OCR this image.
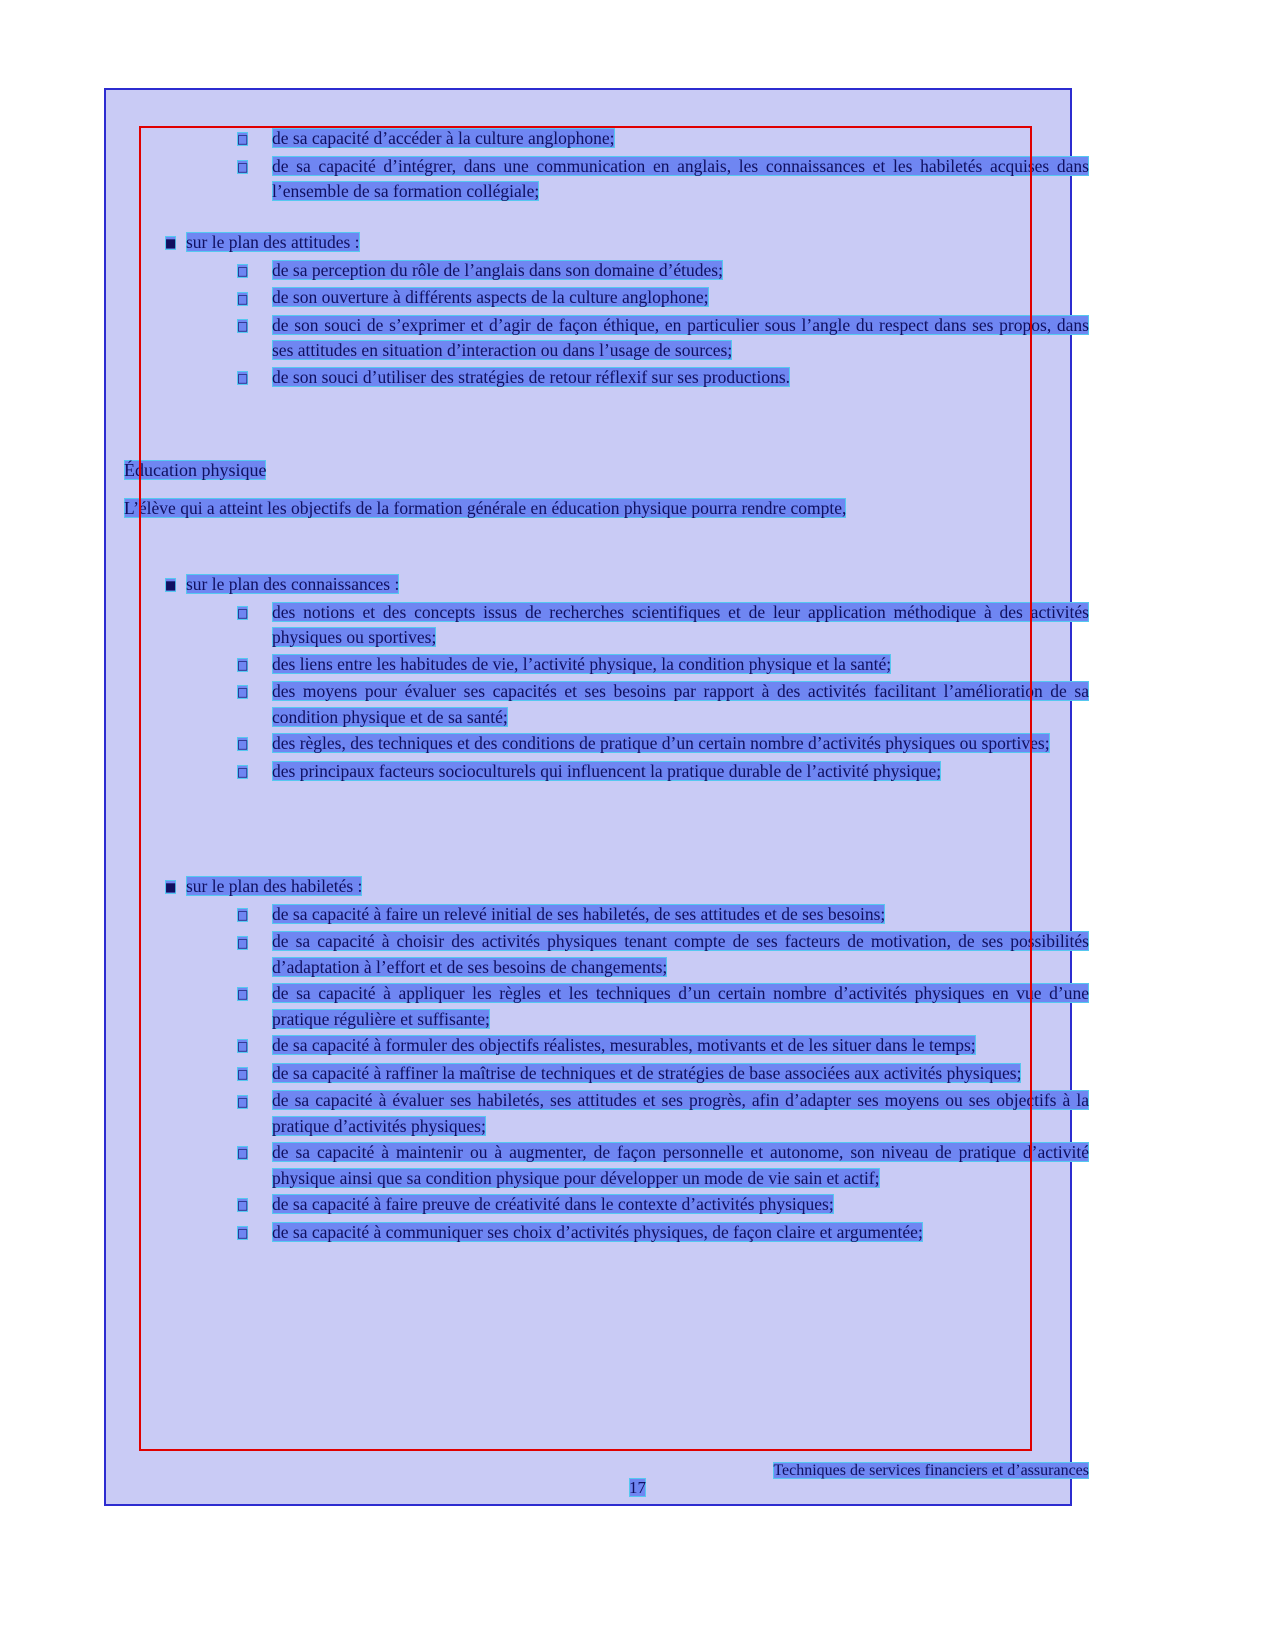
□	de sa capacité d’accéder à la culture anglophone;
□	de sa capacité d’intégrer, dans une communication en anglais, les connaissances et les habiletés acquises dans l’ensemble de sa formation collégiale;
■ sur le plan des attitudes :
□	de sa perception du rôle de l’anglais dans son domaine d’études;
□	de son ouverture à différents aspects de la culture anglophone;
□	de son souci de s’exprimer et d’agir de façon éthique, en particulier sous l’angle du respect dans ses propos, dans ses attitudes en situation d’interaction ou dans l’usage de sources;
□	de son souci d’utiliser des stratégies de retour réflexif sur ses productions.
Éducation physique
L’élève qui a atteint les objectifs de la formation générale en éducation physique pourra rendre compte,
■ sur le plan des connaissances :
□	des notions et des concepts issus de recherches scientifiques et de leur application méthodique à des activités physiques ou sportives;
□	des liens entre les habitudes de vie, l’activité physique, la condition physique et la santé;
□	des moyens pour évaluer ses capacités et ses besoins par rapport à des activités facilitant l’amélioration de sa condition physique et de sa santé;
□	des règles, des techniques et des conditions de pratique d’un certain nombre d’activités physiques ou sportives;
□	des principaux facteurs socioculturels qui influencent la pratique durable de l’activité physique;
■ sur le plan des habiletés :
□	de sa capacité à faire un relevé initial de ses habiletés, de ses attitudes et de ses besoins;
□	de sa capacité à choisir des activités physiques tenant compte de ses facteurs de motivation, de ses possibilités d’adaptation à l’effort et de ses besoins de changements;
□	de sa capacité à appliquer les règles et les techniques d’un certain nombre d’activités physiques en vue d’une pratique régulière et suffisante;
□	de sa capacité à formuler des objectifs réalistes, mesurables, motivants et de les situer dans le temps;
□	de sa capacité à raffiner la maîtrise de techniques et de stratégies de base associées aux activités physiques;
□	de sa capacité à évaluer ses habiletés, ses attitudes et ses progrès, afin d’adapter ses moyens ou ses objectifs à la pratique d’activités physiques;
□	de sa capacité à maintenir ou à augmenter, de façon personnelle et autonome, son niveau de pratique d’activité physique ainsi que sa condition physique pour développer un mode de vie sain et actif;
□	de sa capacité à faire preuve de créativité dans le contexte d’activités physiques;
□	de sa capacité à communiquer ses choix d’activités physiques, de façon claire et argumentée;
Techniques de services financiers et d’assurances
17
